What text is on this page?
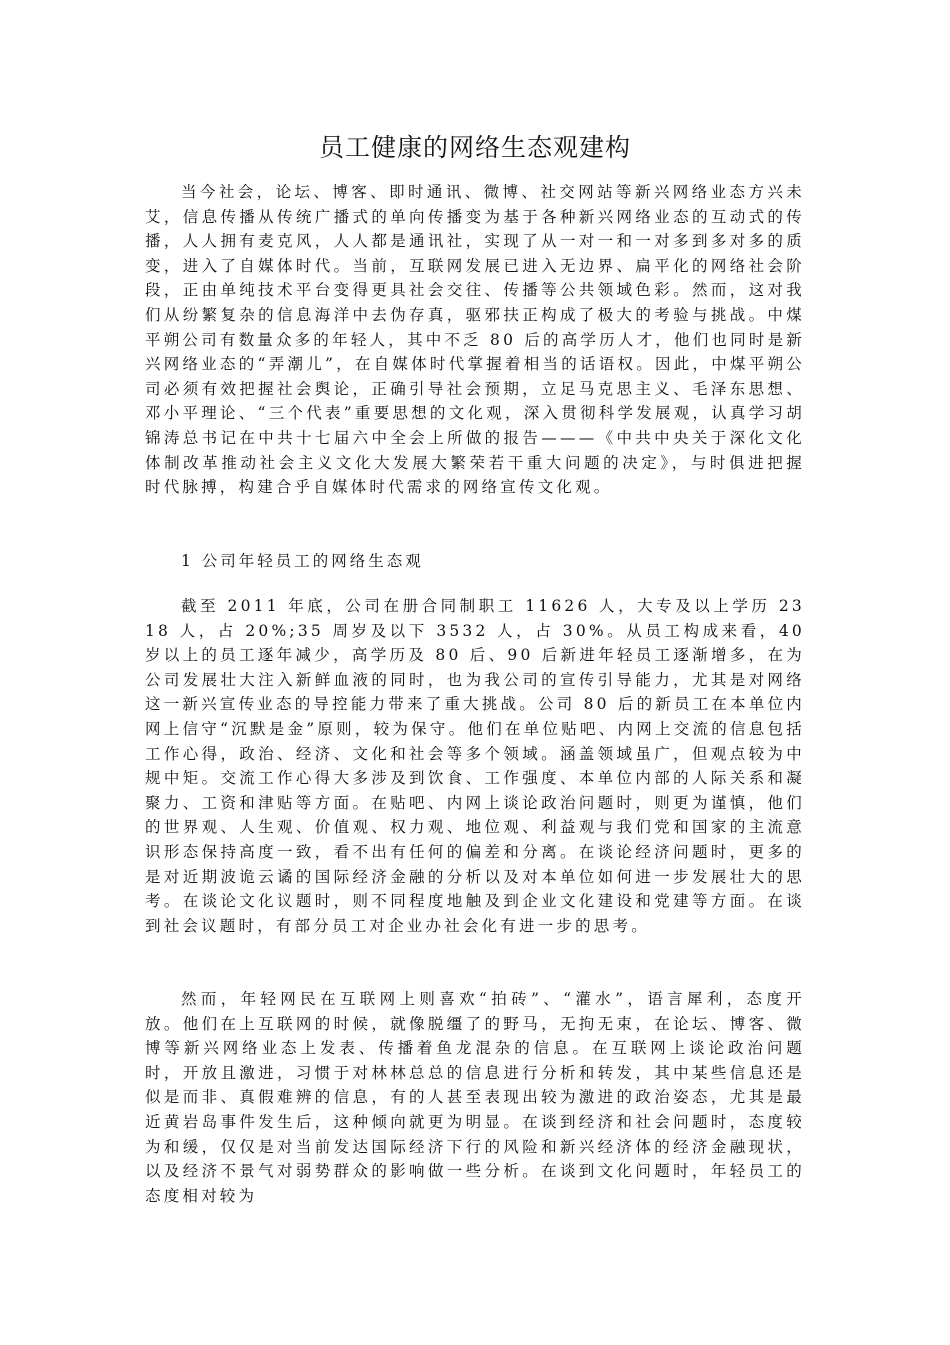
员工健康的网络生态观建构

当今社会，论坛、博客、即时通讯、微博、社交网站等新兴网络业态方兴未艾，信息传播从传统广播式的单向传播变为基于各种新兴网络业态的互动式的传播，人人拥有麦克风，人人都是通讯社，实现了从一对一和一对多到多对多的质变，进入了自媒体时代。当前，互联网发展已进入无边界、扁平化的网络社会阶段，正由单纯技术平台变得更具社会交往、传播等公共领域色彩。然而，这对我们从纷繁复杂的信息海洋中去伪存真，驱邪扶正构成了极大的考验与挑战。中煤平朔公司有数量众多的年轻人，其中不乏 80 后的高学历人才，他们也同时是新兴网络业态的“弄潮儿”，在自媒体时代掌握着相当的话语权。因此，中煤平朔公司必须有效把握社会舆论，正确引导社会预期，立足马克思主义、毛泽东思想、邓小平理论、“三个代表”重要思想的文化观，深入贯彻科学发展观，认真学习胡锦涛总书记在中共十七届六中全会上所做的报告———《中共中央关于深化文化体制改革推动社会主义文化大发展大繁荣若干重大问题的决定》，与时俱进把握时代脉搏，构建合乎自媒体时代需求的网络宣传文化观。

1 公司年轻员工的网络生态观

截至 2011 年底，公司在册合同制职工 11626 人，大专及以上学历 2318 人，占 20%;35 周岁及以下 3532 人，占 30%。从员工构成来看，40 岁以上的员工逐年减少，高学历及 80 后、90 后新进年轻员工逐渐增多，在为公司发展壮大注入新鲜血液的同时，也为我公司的宣传引导能力，尤其是对网络这一新兴宣传业态的导控能力带来了重大挑战。公司 80 后的新员工在本单位内网上信守“沉默是金”原则，较为保守。他们在单位贴吧、内网上交流的信息包括工作心得，政治、经济、文化和社会等多个领域。涵盖领域虽广，但观点较为中规中矩。交流工作心得大多涉及到饮食、工作强度、本单位内部的人际关系和凝聚力、工资和津贴等方面。在贴吧、内网上谈论政治问题时，则更为谨慎，他们的世界观、人生观、价值观、权力观、地位观、利益观与我们党和国家的主流意识形态保持高度一致，看不出有任何的偏差和分离。在谈论经济问题时，更多的是对近期波诡云谲的国际经济金融的分析以及对本单位如何进一步发展壮大的思考。在谈论文化议题时，则不同程度地触及到企业文化建设和党建等方面。在谈到社会议题时，有部分员工对企业办社会化有进一步的思考。

然而，年轻网民在互联网上则喜欢“拍砖”、“灌水”，语言犀利，态度开放。他们在上互联网的时候，就像脱缰了的野马，无拘无束，在论坛、博客、微博等新兴网络业态上发表、传播着鱼龙混杂的信息。在互联网上谈论政治问题时，开放且激进，习惯于对林林总总的信息进行分析和转发，其中某些信息还是似是而非、真假难辨的信息，有的人甚至表现出较为激进的政治姿态，尤其是最近黄岩岛事件发生后，这种倾向就更为明显。在谈到经济和社会问题时，态度较为和缓，仅仅是对当前发达国际经济下行的风险和新兴经济体的经济金融现状，以及经济不景气对弱势群众的影响做一些分析。在谈到文化问题时，年轻员工的态度相对较为
